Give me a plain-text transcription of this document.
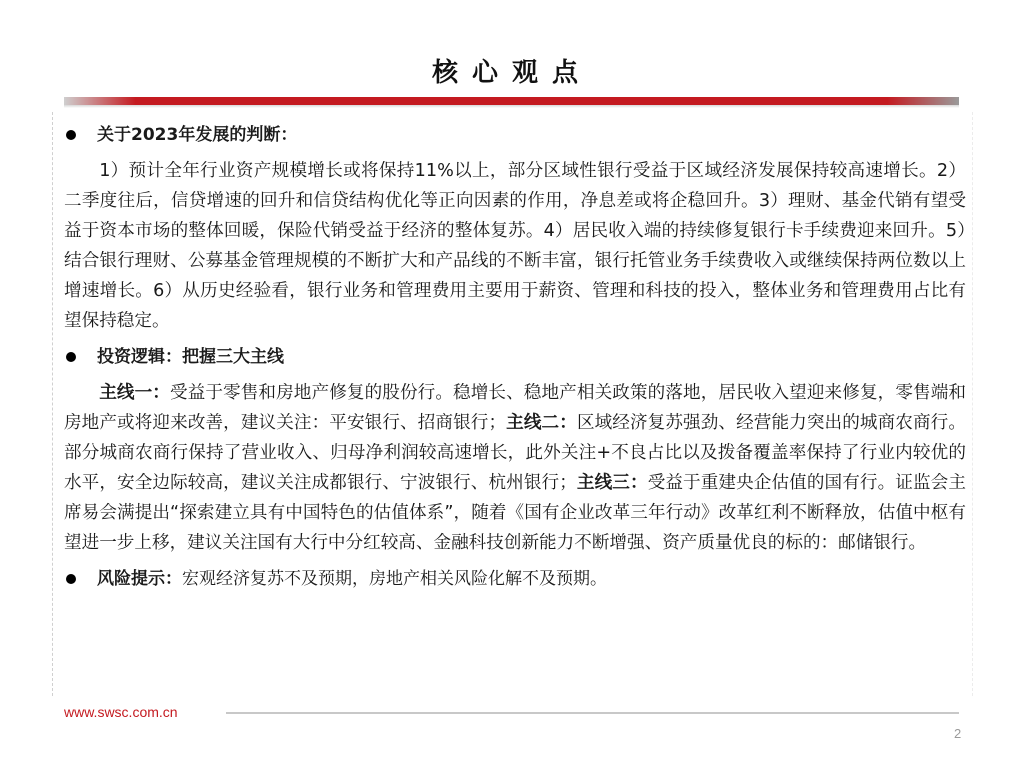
核心观点
关于2023年发展的判断：

1）预计全年行业资产规模增长或将保持11%以上，部分区域性银行受益于区域经济发展保持较高速增长。2）二季度往后，信贷增速的回升和信贷结构优化等正向因素的作用，净息差或将企稳回升。3）理财、基金代销有望受益于资本市场的整体回暖，保险代销受益于经济的整体复苏。4）居民收入端的持续修复银行卡手续费迎来回升。5）结合银行理财、公募基金管理规模的不断扩大和产品线的不断丰富，银行托管业务手续费收入或继续保持两位数以上增速增长。6）从历史经验看，银行业务和管理费用主要用于薪资、管理和科技的投入，整体业务和管理费用占比有望保持稳定。

投资逻辑：把握三大主线

主线一：受益于零售和房地产修复的股份行。稳增长、稳地产相关政策的落地，居民收入望迎来修复，零售端和房地产或将迎来改善，建议关注：平安银行、招商银行；主线二：区域经济复苏强劲、经营能力突出的城商农商行。部分城商农商行保持了营业收入、归母净利润较高速增长，此外关注+不良占比以及拨备覆盖率保持了行业内较优的水平，安全边际较高，建议关注成都银行、宁波银行、杭州银行；主线三：受益于重建央企估值的国有行。证监会主席易会满提出“探索建立具有中国特色的估值体系”，随着《国有企业改革三年行动》改革红利不断释放，估值中枢有望进一步上移，建议关注国有大行中分红较高、金融科技创新能力不断增强、资产质量优良的标的：邮储银行。

风险提示：宏观经济复苏不及预期，房地产相关风险化解不及预期。
www.swsc.com.cn
2
